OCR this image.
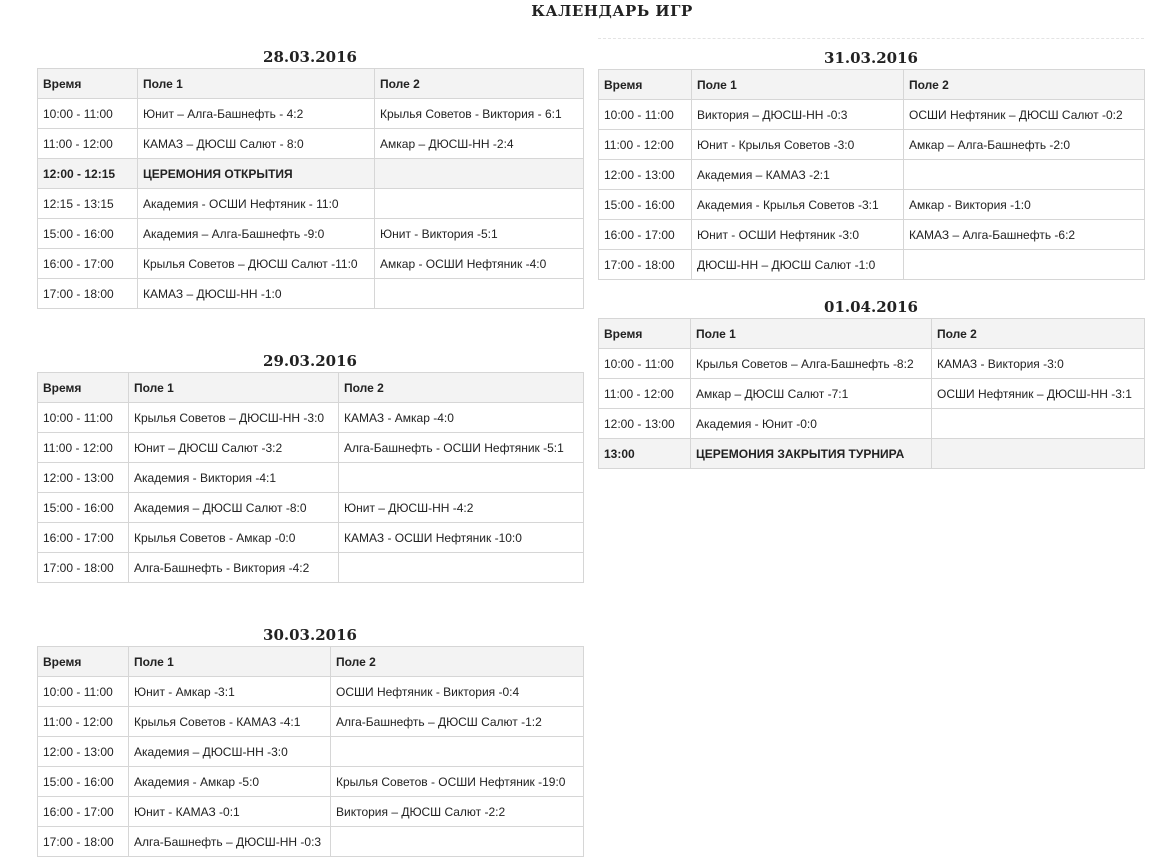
КАЛЕНДАРЬ ИГР
28.03.2016
Время	Поле 1	Поле 2
10:00 - 11:00	Юнит – Алга-Башнефть - 4:2	Крылья Советов - Виктория - 6:1
11:00 - 12:00	КАМАЗ – ДЮСШ Салют - 8:0	Амкар – ДЮСШ-НН -2:4
12:00 - 12:15	ЦЕРЕМОНИЯ ОТКРЫТИЯ	
12:15 - 13:15	Академия - ОСШИ Нефтяник - 11:0	
15:00 - 16:00	Академия – Алга-Башнефть -9:0	Юнит - Виктория -5:1
16:00 - 17:00	Крылья Советов – ДЮСШ Салют -11:0	Амкар - ОСШИ Нефтяник -4:0
17:00 - 18:00	КАМАЗ – ДЮСШ-НН -1:0	
29.03.2016
Время	Поле 1	Поле 2
10:00 - 11:00	Крылья Советов – ДЮСШ-НН -3:0	КАМАЗ - Амкар -4:0
11:00 - 12:00	Юнит – ДЮСШ Салют -3:2	Алга-Башнефть - ОСШИ Нефтяник -5:1
12:00 - 13:00	Академия - Виктория -4:1	
15:00 - 16:00	Академия – ДЮСШ Салют -8:0	Юнит – ДЮСШ-НН -4:2
16:00 - 17:00	Крылья Советов - Амкар -0:0	КАМАЗ - ОСШИ Нефтяник -10:0
17:00 - 18:00	Алга-Башнефть - Виктория -4:2	
30.03.2016
Время	Поле 1	Поле 2
10:00 - 11:00	Юнит - Амкар -3:1	ОСШИ Нефтяник - Виктория -0:4
11:00 - 12:00	Крылья Советов - КАМАЗ -4:1	Алга-Башнефть – ДЮСШ Салют -1:2
12:00 - 13:00	Академия – ДЮСШ-НН -3:0	
15:00 - 16:00	Академия - Амкар -5:0	Крылья Советов - ОСШИ Нефтяник -19:0
16:00 - 17:00	Юнит - КАМАЗ -0:1	Виктория – ДЮСШ Салют -2:2
17:00 - 18:00	Алга-Башнефть – ДЮСШ-НН -0:3	
31.03.2016
Время	Поле 1	Поле 2
10:00 - 11:00	Виктория – ДЮСШ-НН -0:3	ОСШИ Нефтяник – ДЮСШ Салют -0:2
11:00 - 12:00	Юнит - Крылья Советов -3:0	Амкар – Алга-Башнефть -2:0
12:00 - 13:00	Академия – КАМАЗ -2:1	
15:00 - 16:00	Академия - Крылья Советов -3:1	Амкар - Виктория -1:0
16:00 - 17:00	Юнит - ОСШИ Нефтяник -3:0	КАМАЗ – Алга-Башнефть -6:2
17:00 - 18:00	ДЮСШ-НН – ДЮСШ Салют -1:0	
01.04.2016
Время	Поле 1	Поле 2
10:00 - 11:00	Крылья Советов – Алга-Башнефть -8:2	КАМАЗ - Виктория -3:0
11:00 - 12:00	Амкар – ДЮСШ Салют -7:1	ОСШИ Нефтяник – ДЮСШ-НН -3:1
12:00 - 13:00	Академия - Юнит -0:0	
13:00	ЦЕРЕМОНИЯ ЗАКРЫТИЯ ТУРНИРА	
